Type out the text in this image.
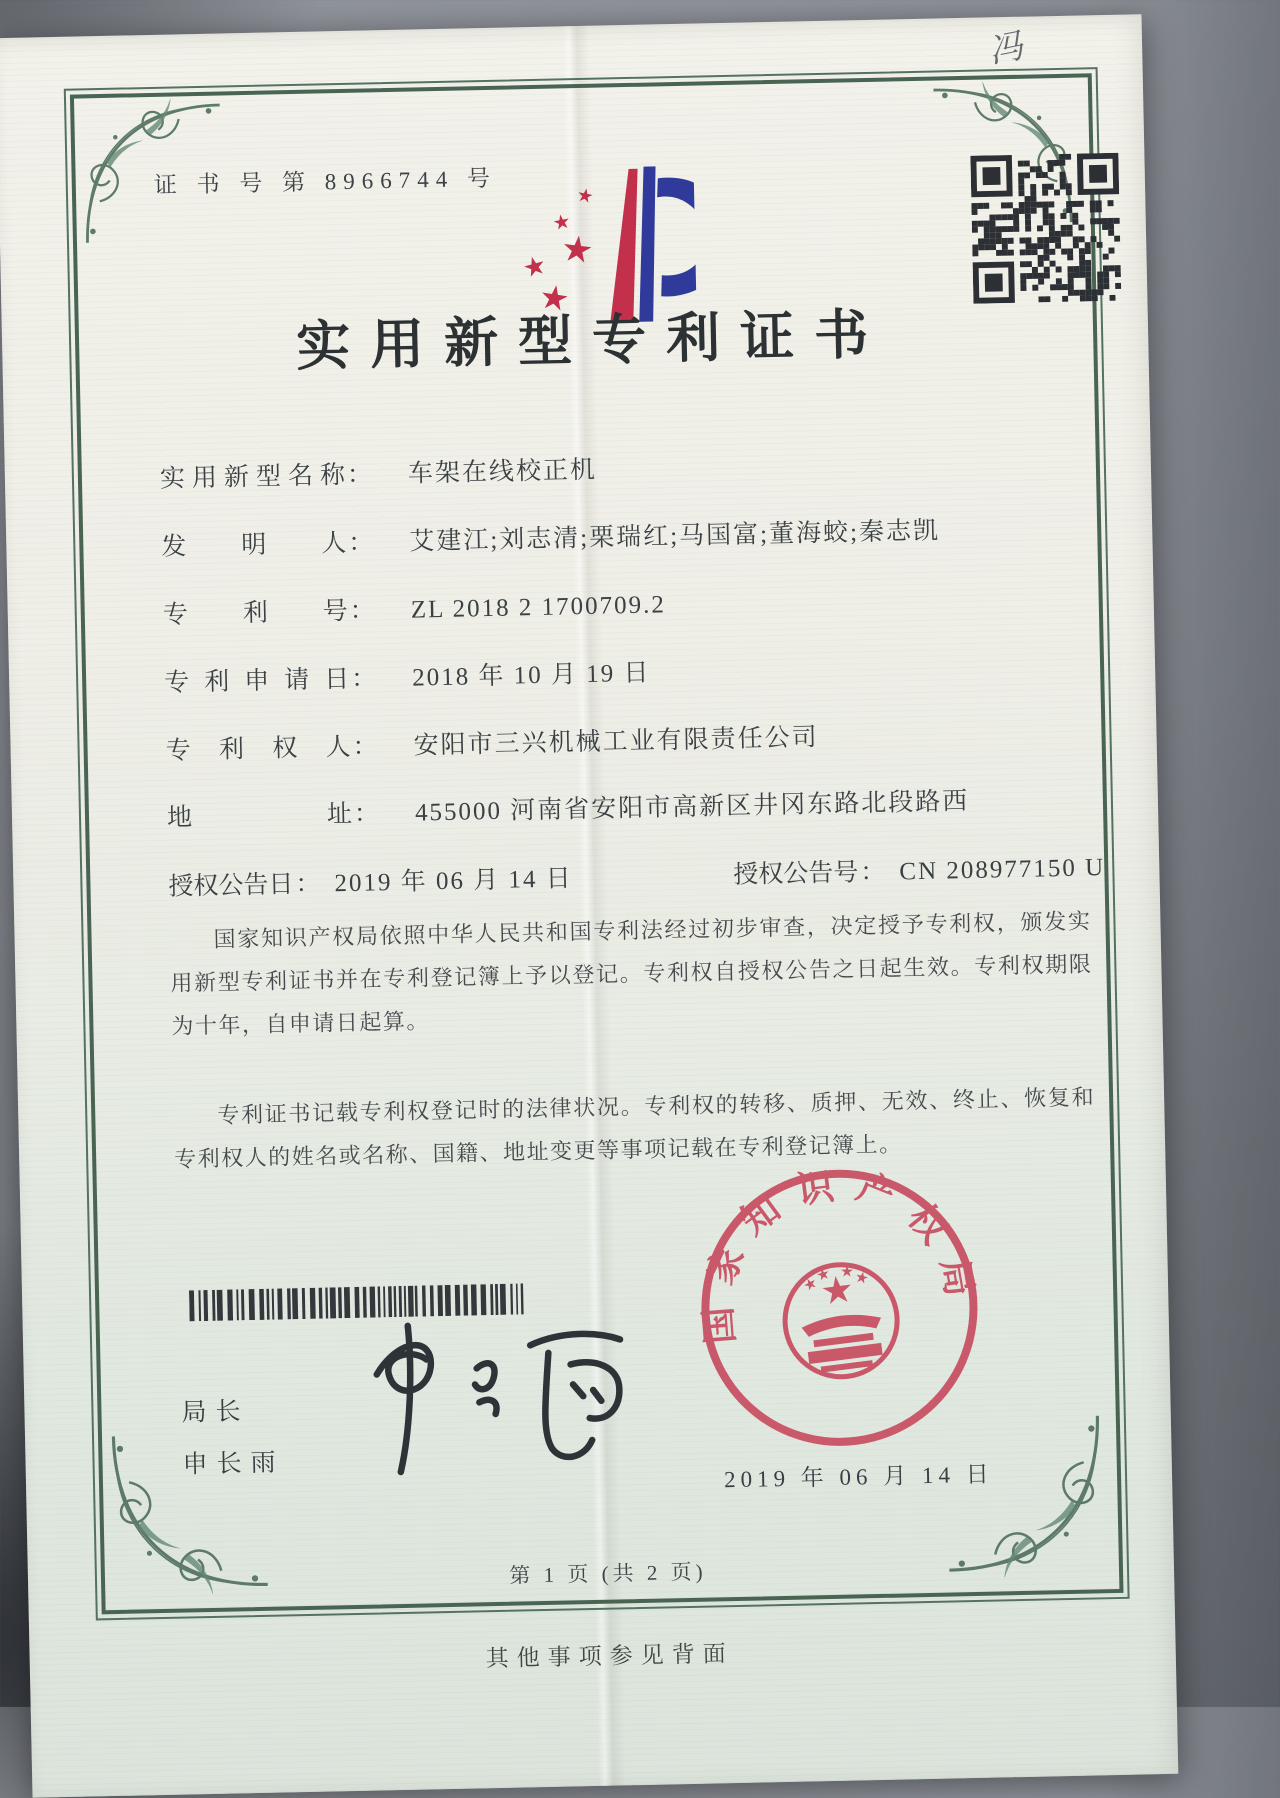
证 书 号 第 8966744 号
冯
实用新型专利证书
实用新型名称： 车架在线校正机
发明人： 艾建江;刘志清;栗瑞红;马国富;董海蛟;秦志凯
专利号： ZL 2018 2 1700709.2
专利申请日： 2018 年 10 月 19 日
专利权人： 安阳市三兴机械工业有限责任公司
地址： 455000 河南省安阳市高新区井冈东路北段路西
授权公告日： 2019 年 06 月 14 日	授权公告号： CN 208977150 U
国家知识产权局依照中华人民共和国专利法经过初步审查，决定授予专利权，颁发实用新型专利证书并在专利登记簿上予以登记。专利权自授权公告之日起生效。专利权期限为十年，自申请日起算。
专利证书记载专利权登记时的法律状况。专利权的转移、质押、无效、终止、恢复和专利权人的姓名或名称、国籍、地址变更等事项记载在专利登记簿上。
局长
申长雨
国家知识产权局
2019 年 06 月 14 日
第 1 页 (共 2 页)
其他事项参见背面
